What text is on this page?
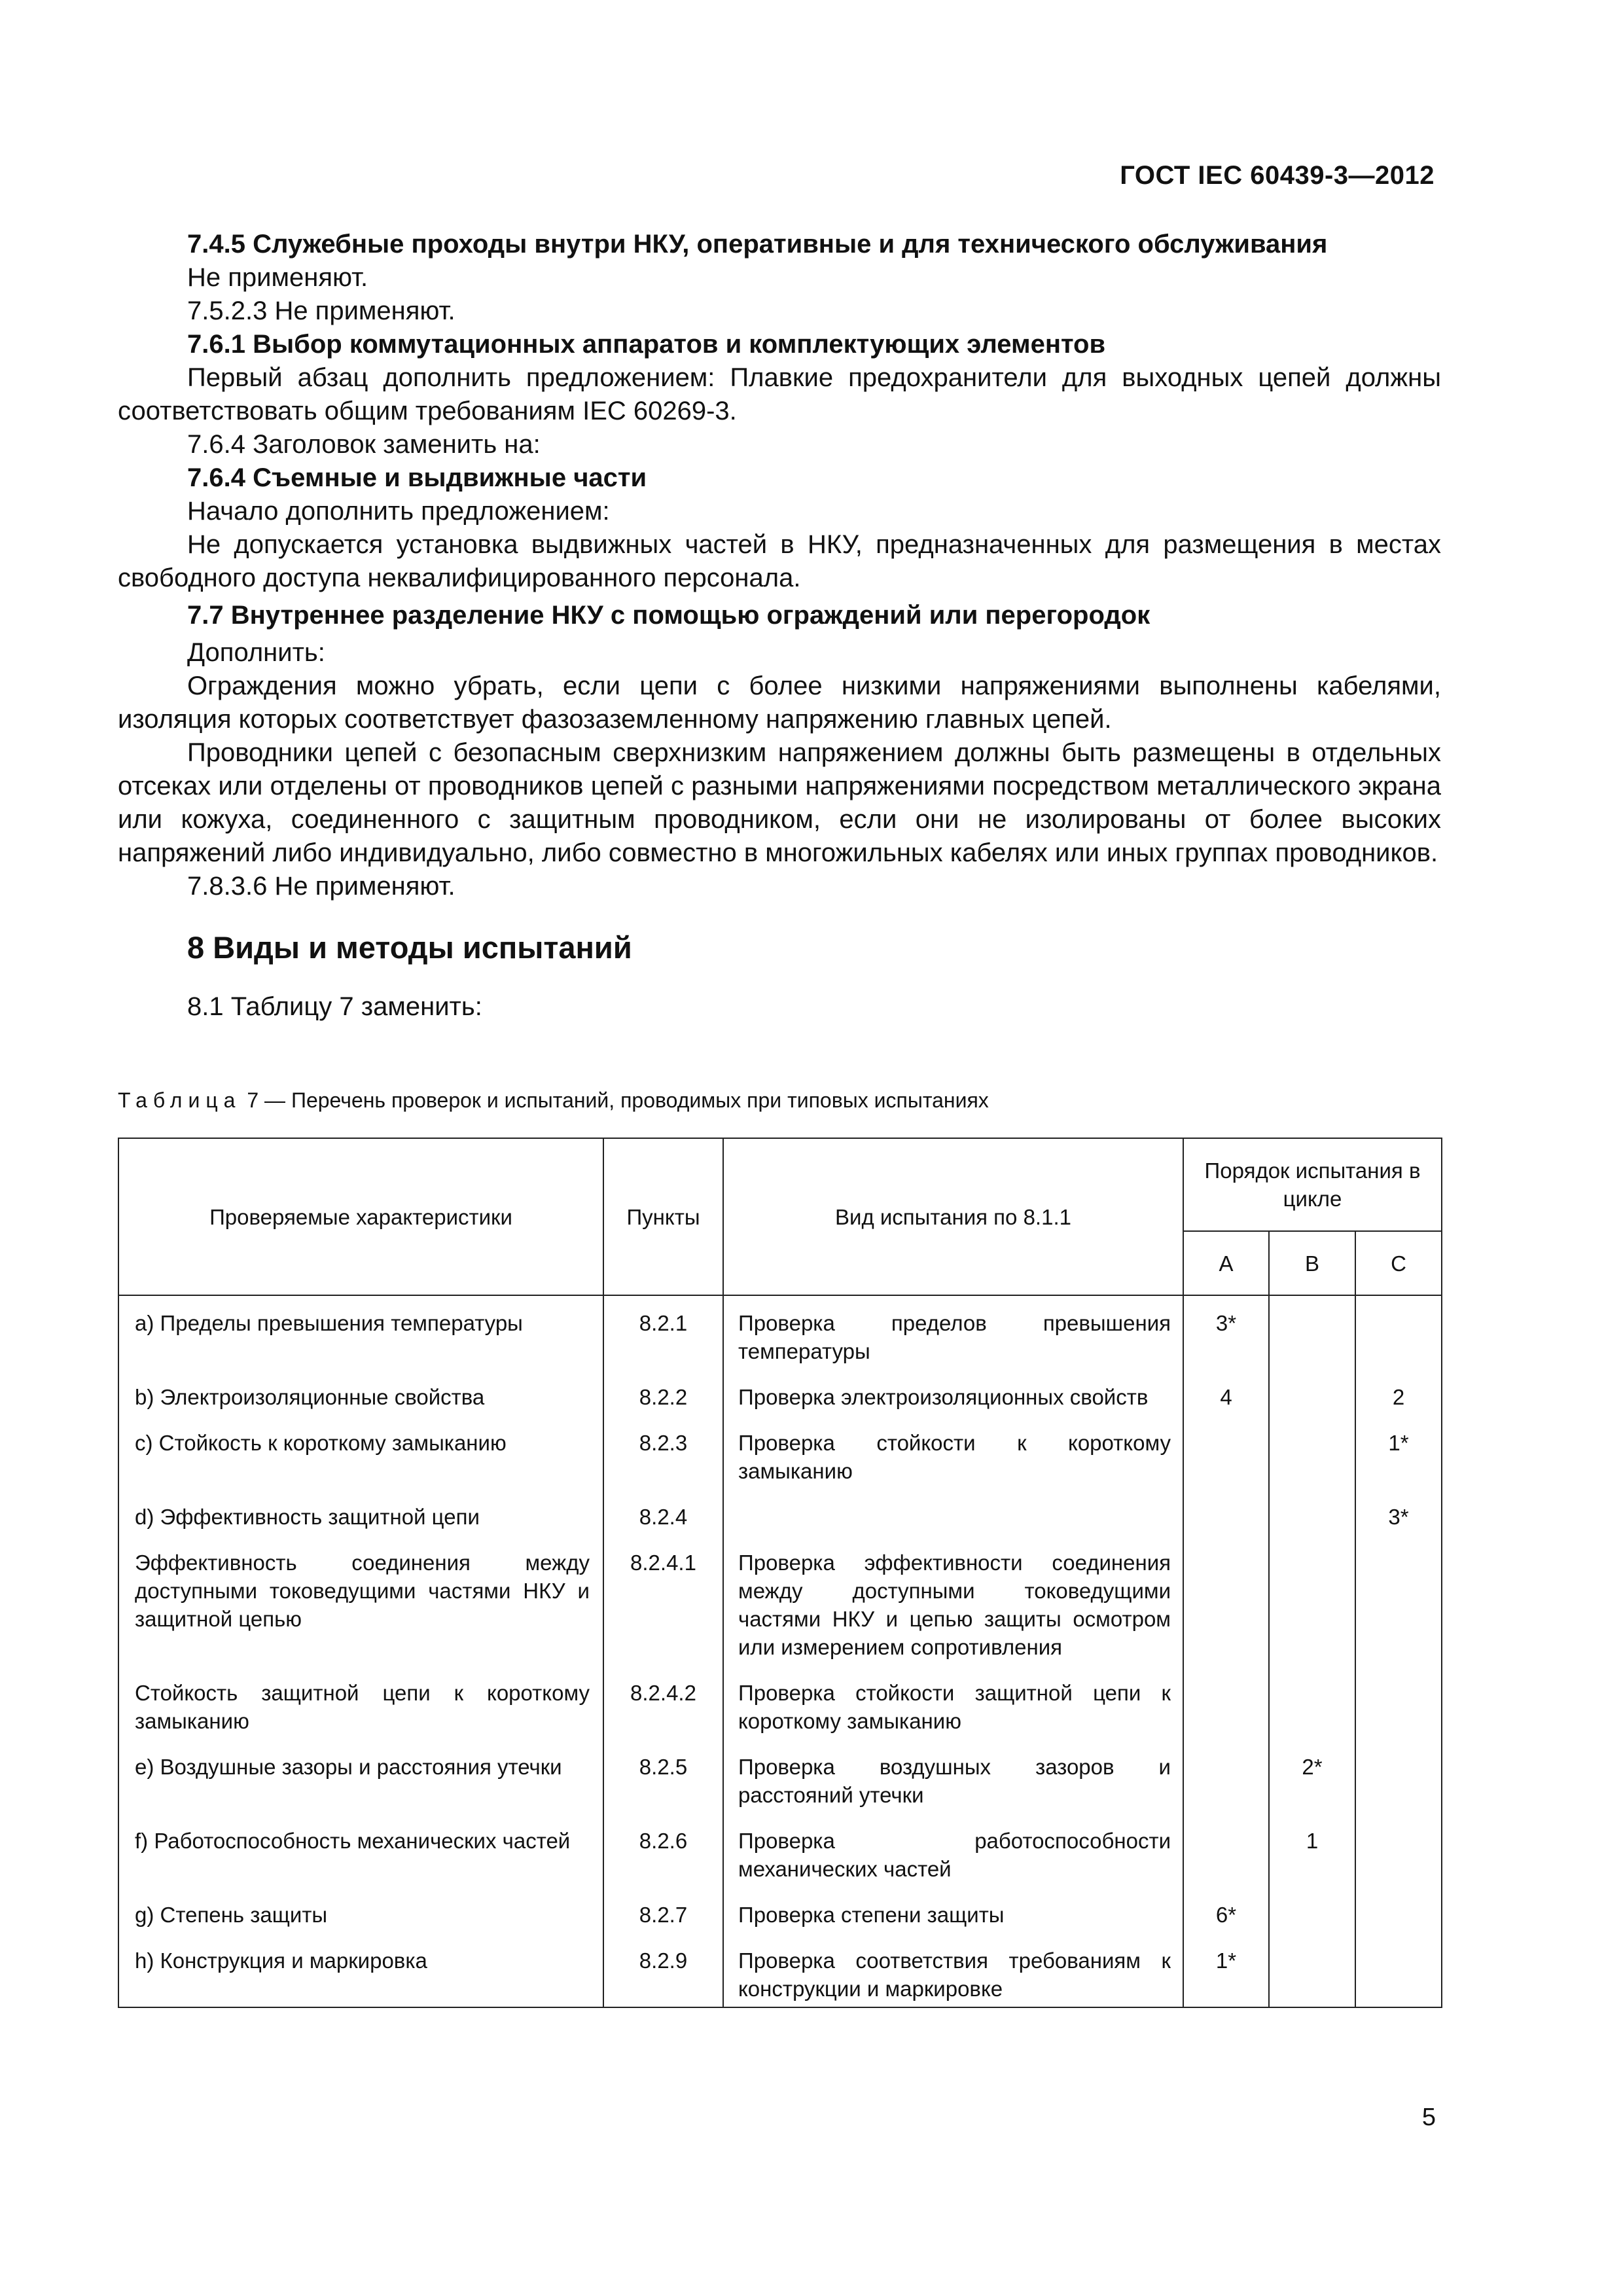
ГОСТ IEC 60439-3—2012

7.4.5 Служебные проходы внутри НКУ, оперативные и для технического обслуживания

Не применяют.

7.5.2.3 Не применяют.

7.6.1 Выбор коммутационных аппаратов и комплектующих элементов

Первый абзац дополнить предложением: Плавкие предохранители для выходных цепей должны соответствовать общим требованиям IEC 60269-3.

7.6.4 Заголовок заменить на:

7.6.4 Съемные и выдвижные части

Начало дополнить предложением:

Не допускается установка выдвижных частей в НКУ, предназначенных для размещения в местах свободного доступа неквалифицированного персонала.

7.7 Внутреннее разделение НКУ с помощью ограждений или перегородок

Дополнить:

Ограждения можно убрать, если цепи с более низкими напряжениями выполнены кабелями, изоляция которых соответствует фазозаземленному напряжению главных цепей.

Проводники цепей с безопасным сверхнизким напряжением должны быть размещены в отдельных отсеках или отделены от проводников цепей с разными напряжениями посредством металлического экрана или кожуха, соединенного с защитным проводником, если они не изолированы от более высоких напряжений либо индивидуально, либо совместно в многожильных кабелях или иных группах проводников.

7.8.3.6 Не применяют.

8 Виды и методы испытаний

8.1 Таблицу 7 заменить:

Таблица 7 — Перечень проверок и испытаний, проводимых при типовых испытаниях
Проверяемые характеристики	Пункты	Вид испытания по 8.1.1	Порядок испытания в цикле		
			А	В	С
a) Пределы превышения температуры	8.2.1	Проверка пределов превышения температуры	3*		
b) Электроизоляционные свойства	8.2.2	Проверка электроизоляционных свойств	4		2
с) Стойкость к короткому замыканию	8.2.3	Проверка стойкости к короткому замыканию			1*
d) Эффективность защитной цепи	8.2.4				3*
Эффективность соединения между доступными токоведущими частями НКУ и защитной цепью	8.2.4.1	Проверка эффективности соединения между доступными токоведущими частями НКУ и цепью защиты осмотром или измерением сопротивления			
Стойкость защитной цепи к короткому замыканию	8.2.4.2	Проверка стойкости защитной цепи к короткому замыканию			
е) Воздушные зазоры и расстояния утечки	8.2.5	Проверка воздушных зазоров и расстояний утечки		2*	
f) Работоспособность механических частей	8.2.6	Проверка работоспособности механических частей		1	
g) Степень защиты	8.2.7	Проверка степени защиты	6*		
h) Конструкция и маркировка	8.2.9	Проверка соответствия требованиям к конструкции и маркировке	1*		
5
